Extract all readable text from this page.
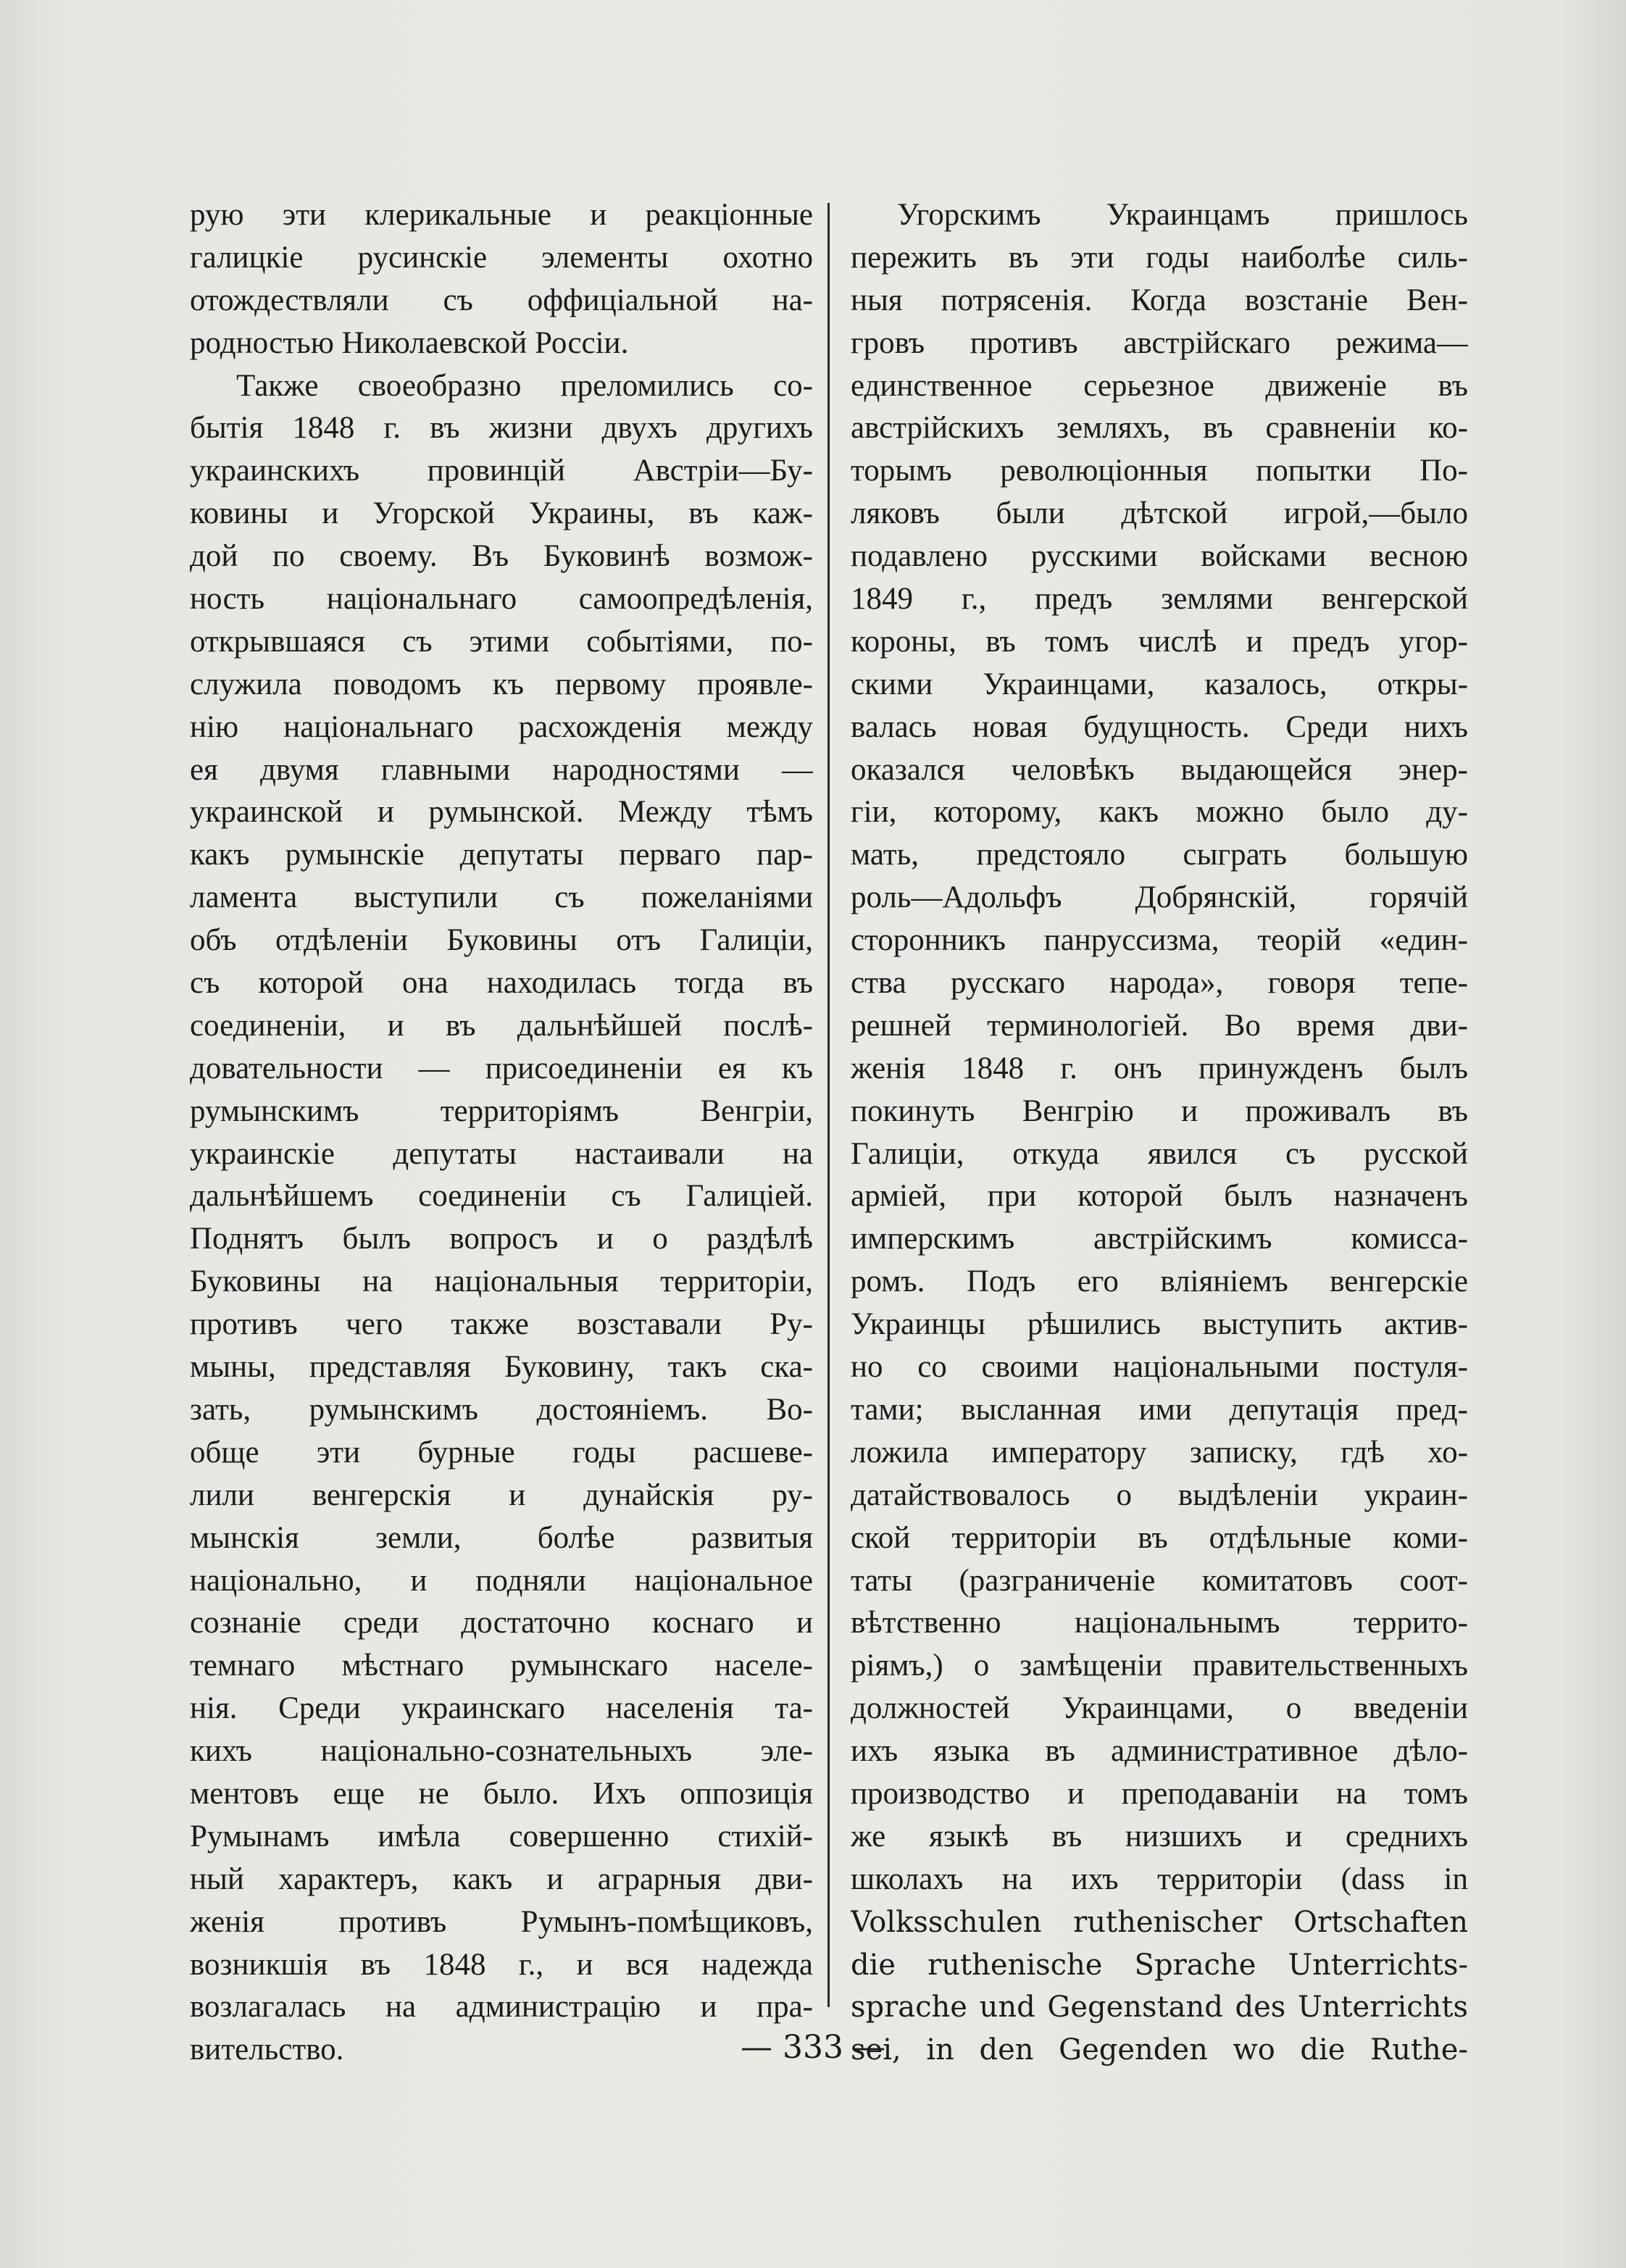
рую эти клерикальные и реакціонные
галицкіе русинскіе элементы охотно
отождествляли съ оффиціальной на-
родностью Николаевской Россіи.
Также своеобразно преломились со-
бытія 1848 г. въ жизни двухъ другихъ
украинскихъ провинцій Австріи—Бу-
ковины и Угорской Украины, въ каж-
дой по своему. Въ Буковинѣ возмож-
ность національнаго самоопредѣленія,
открывшаяся съ этими событіями, по-
служила поводомъ къ первому проявле-
нію національнаго расхожденія между
ея двумя главными народностями —
украинской и румынской. Между тѣмъ
какъ румынскіе депутаты перваго пар-
ламента выступили съ пожеланіями
объ отдѣленіи Буковины отъ Галиціи,
съ которой она находилась тогда въ
соединеніи, и въ дальнѣйшей послѣ-
довательности — присоединеніи ея къ
румынскимъ территоріямъ Венгріи,
украинскіе депутаты настаивали на
дальнѣйшемъ соединеніи съ Галиціей.
Поднятъ былъ вопросъ и о раздѣлѣ
Буковины на національныя территоріи,
противъ чего также возставали Ру-
мыны, представляя Буковину, такъ ска-
зать, румынскимъ достояніемъ. Во-
обще эти бурные годы расшеве-
лили венгерскія и дунайскія ру-
мынскія земли, болѣе развитыя
національно, и подняли національное
сознаніе среди достаточно коснаго и
темнаго мѣстнаго румынскаго населе-
нія. Среди украинскаго населенія та-
кихъ національно-сознательныхъ эле-
ментовъ еще не было. Ихъ оппозиція
Румынамъ имѣла совершенно стихій-
ный характеръ, какъ и аграрныя дви-
женія противъ Румынъ-помѣщиковъ,
возникшія въ 1848 г., и вся надежда
возлагалась на администрацію и пра-
вительство.
Угорскимъ Украинцамъ пришлось
пережить въ эти годы наиболѣе силь-
ныя потрясенія. Когда возстаніе Вен-
гровъ противъ австрійскаго режима—
единственное серьезное движеніе въ
австрійскихъ земляхъ, въ сравненіи ко-
торымъ революціонныя попытки По-
ляковъ были дѣтской игрой,—было
подавлено русскими войсками весною
1849 г., предъ землями венгерской
короны, въ томъ числѣ и предъ угор-
скими Украинцами, казалось, откры-
валась новая будущность. Среди нихъ
оказался человѣкъ выдающейся энер-
гіи, которому, какъ можно было ду-
мать, предстояло сыграть большую
роль—Адольфъ Добрянскій, горячій
сторонникъ панруссизма, теорій «един-
ства русскаго народа», говоря тепе-
решней терминологіей. Во время дви-
женія 1848 г. онъ принужденъ былъ
покинуть Венгрію и проживалъ въ
Галиціи, откуда явился съ русской
арміей, при которой былъ назначенъ
имперскимъ австрійскимъ комисса-
ромъ. Подъ его вліяніемъ венгерскіе
Украинцы рѣшились выступить актив-
но со своими національными постуля-
тами; высланная ими депутація пред-
ложила императору записку, гдѣ хо-
датайствовалось о выдѣленіи украин-
ской территоріи въ отдѣльные коми-
таты (разграниченіе комитатовъ соот-
вѣтственно національнымъ террито-
ріямъ,) о замѣщеніи правительственныхъ
должностей Украинцами, о введеніи
ихъ языка въ административное дѣло-
производство и преподаваніи на томъ
же языкѣ въ низшихъ и среднихъ
школахъ на ихъ территоріи (dass in
Volksschulen ruthenischer Ortschaften
die ruthenische Sprache Unterrichts-
sprache und Gegenstand des Unterrichts
sei, in den Gegenden wo die Ruthe-
— 333 —
